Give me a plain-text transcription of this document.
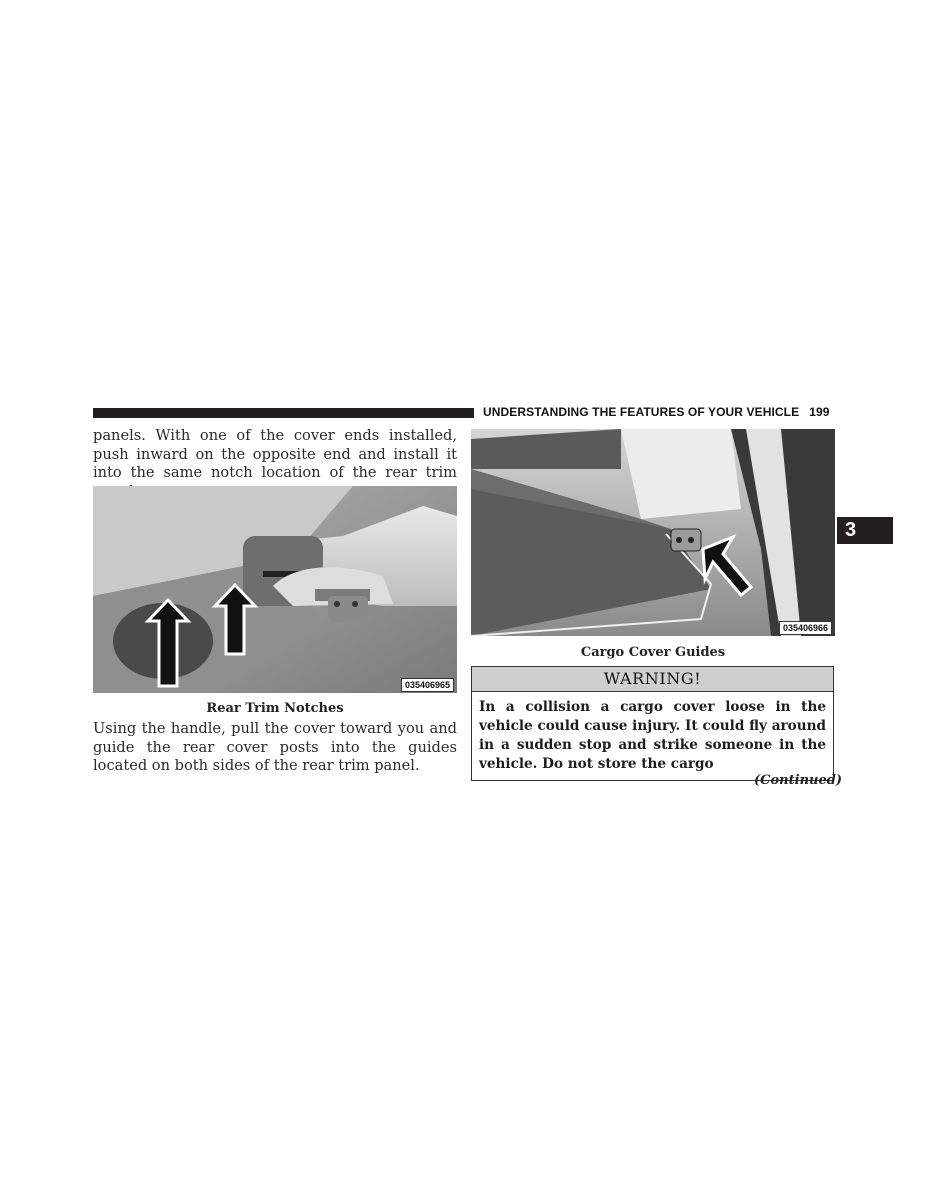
UNDERSTANDING THE FEATURES OF YOUR VEHICLE 199
3

panels. With one of the cover ends installed, push inward on the opposite end and install it into the same notch location of the rear trim

035406965
Rear Trim Notches

Using the handle, pull the cover toward you and guide the rear cover posts into the guides located on both sides of the rear trim panel.

035406966
Cargo Cover Guides
WARNING!
In a collision a cargo cover loose in the vehicle could cause injury. It could fly around in a sudden stop and strike someone in the vehicle. Do not store the cargo
(Continued)
